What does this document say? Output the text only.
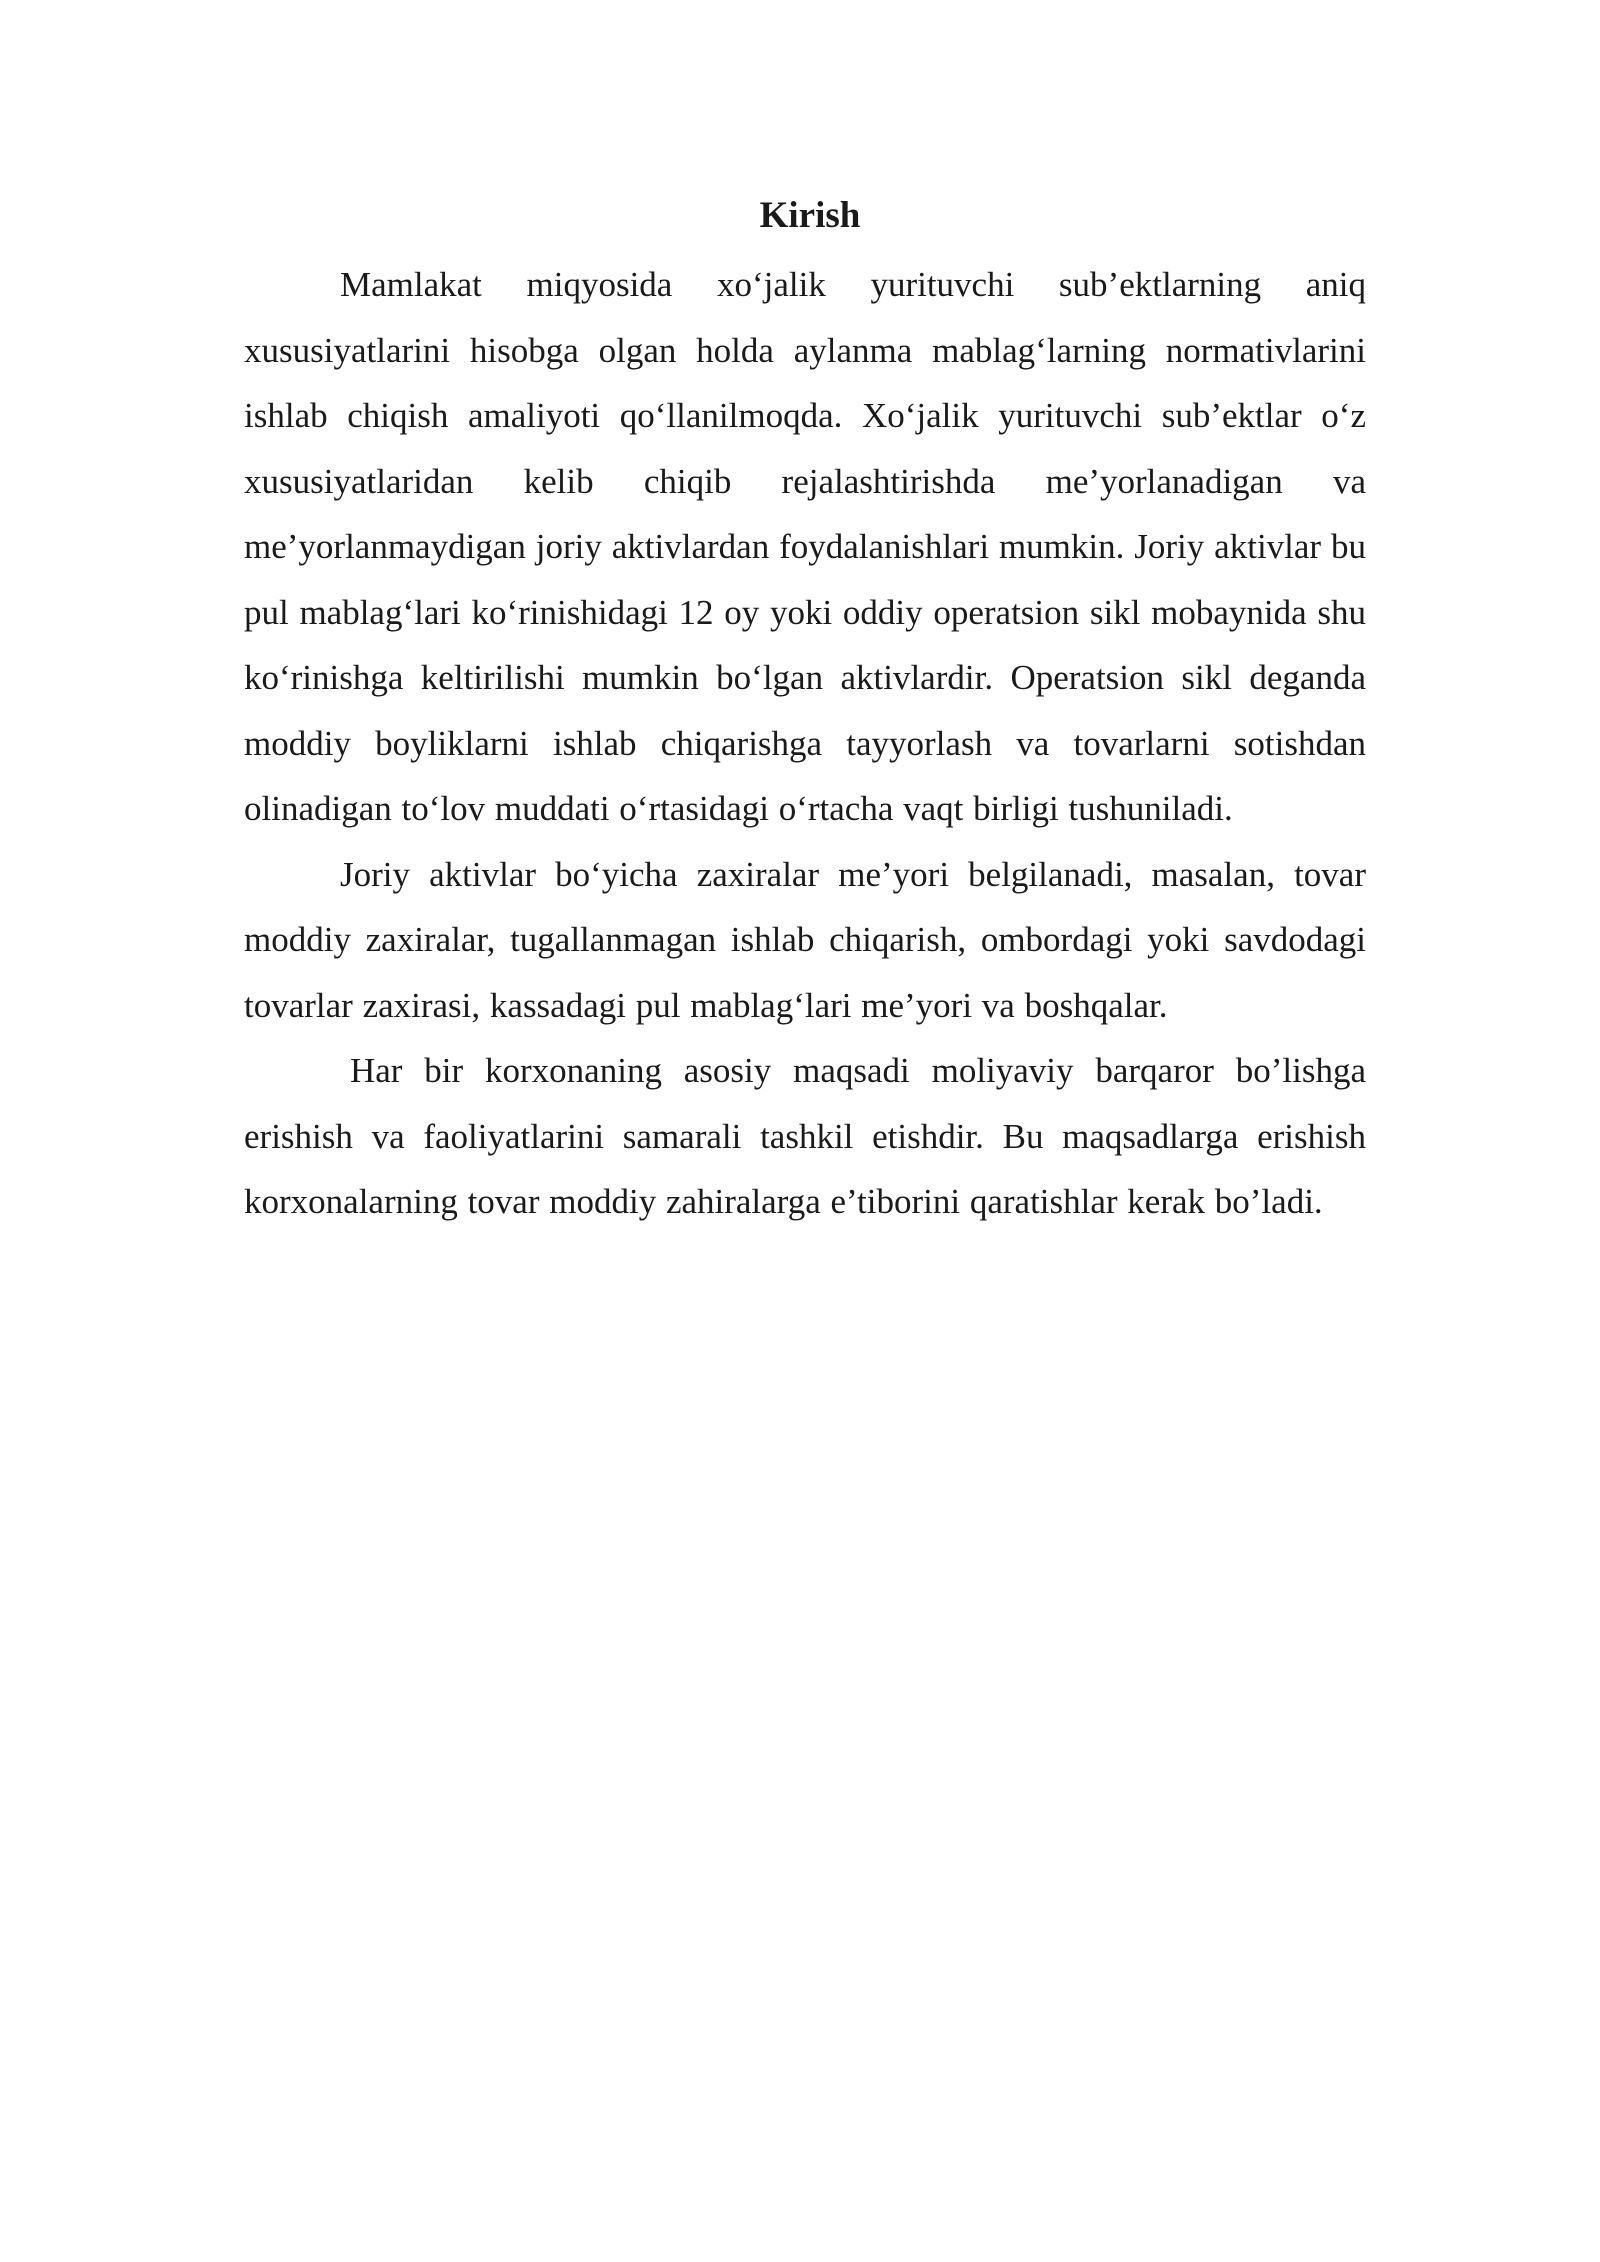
Kirish

Mamlakat miqyosida xo‘jalik yurituvchi sub’ektlarning aniq xususiyatlarini hisobga olgan holda aylanma mablag‘larning normativlarini ishlab chiqish amaliyoti qo‘llanilmoqda. Xo‘jalik yurituvchi sub’ektlar o‘z xususiyatlaridan kelib chiqib rejalashtirishda me’yorlanadigan va me’yorlanmaydigan joriy aktivlardan foydalanishlari mumkin. Joriy aktivlar bu pul mablag‘lari ko‘rinishidagi 12 oy yoki oddiy operatsion sikl mobaynida shu ko‘rinishga keltirilishi mumkin bo‘lgan aktivlardir. Operatsion sikl deganda moddiy boyliklarni ishlab chiqarishga tayyorlash va tovarlarni sotishdan olinadigan to‘lov muddati o‘rtasidagi o‘rtacha vaqt birligi tushuniladi.

Joriy aktivlar bo‘yicha zaxiralar me’yori belgilanadi, masalan, tovar moddiy zaxiralar, tugallanmagan ishlab chiqarish, ombordagi yoki savdodagi tovarlar zaxirasi, kassadagi pul mablag‘lari me’yori va boshqalar.

Har bir korxonaning asosiy maqsadi moliyaviy barqaror bo’lishga erishish va faoliyatlarini samarali tashkil etishdir. Bu maqsadlarga erishish korxonalarning tovar moddiy zahiralarga e’tiborini qaratishlar kerak bo’ladi.
